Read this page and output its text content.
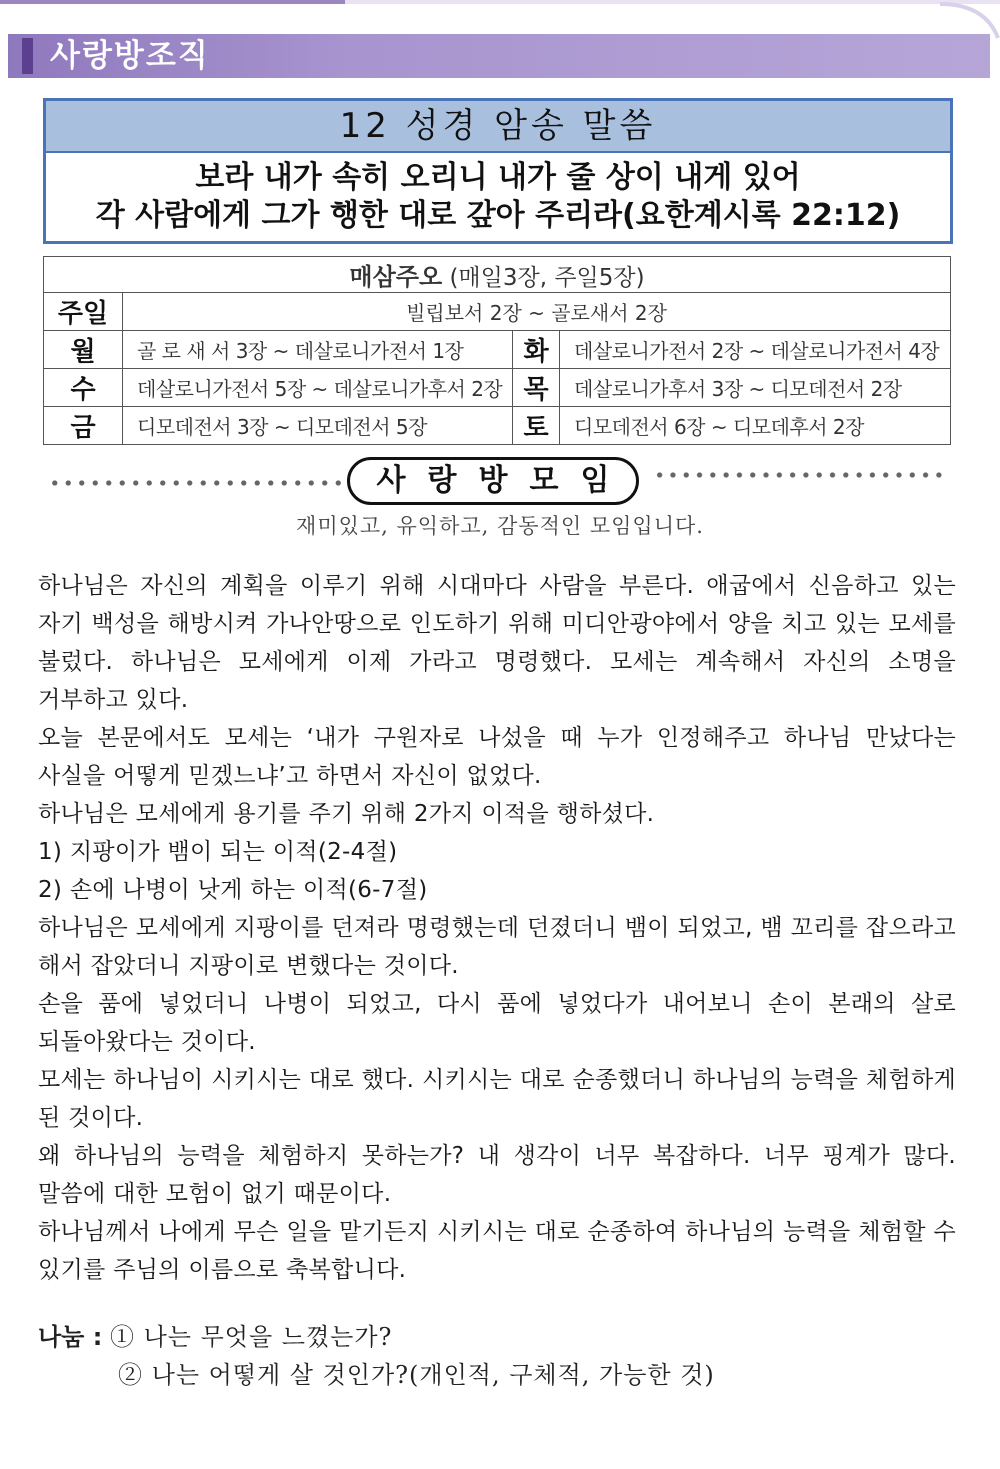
사랑방조직
12 성경 암송 말씀
보라 내가 속히 오리니 내가 줄 상이 내게 있어
각 사람에게 그가 행한 대로 갚아 주리라(요한계시록 22:12)
매삼주오 (매일3장, 주일5장)			
주일	빌립보서 2장 ~ 골로새서 2장		
월	골 로 새 서 3장 ~ 데살로니가전서 1장	화	데살로니가전서 2장 ~ 데살로니가전서 4장
수	데살로니가전서 5장 ~ 데살로니가후서 2장	목	데살로니가후서 3장 ~ 디모데전서 2장
금	디모데전서 3장 ~ 디모데전서 5장	토	디모데전서 6장 ~ 디모데후서 2장
사랑방모임
재미있고, 유익하고, 감동적인 모임입니다.

하나님은 자신의 계획을 이루기 위해 시대마다 사람을 부른다. 애굽에서 신음하고 있는 자기 백성을 해방시켜 가나안땅으로 인도하기 위해 미디안광야에서 양을 치고 있는 모세를 불렀다. 하나님은 모세에게 이제 가라고 명령했다. 모세는 계속해서 자신의 소명을 거부하고 있다.

오늘 본문에서도 모세는 ‘내가 구원자로 나섰을 때 누가 인정해주고 하나님 만났다는 사실을 어떻게 믿겠느냐’고 하면서 자신이 없었다.

하나님은 모세에게 용기를 주기 위해 2가지 이적을 행하셨다.

1) 지팡이가 뱀이 되는 이적(2-4절)

2) 손에 나병이 낫게 하는 이적(6-7절)

하나님은 모세에게 지팡이를 던져라 명령했는데 던졌더니 뱀이 되었고, 뱀 꼬리를 잡으라고 해서 잡았더니 지팡이로 변했다는 것이다.

손을 품에 넣었더니 나병이 되었고, 다시 품에 넣었다가 내어보니 손이 본래의 살로 되돌아왔다는 것이다.

모세는 하나님이 시키시는 대로 했다. 시키시는 대로 순종했더니 하나님의 능력을 체험하게 된 것이다.

왜 하나님의 능력을 체험하지 못하는가? 내 생각이 너무 복잡하다. 너무 핑계가 많다. 말씀에 대한 모험이 없기 때문이다.

하나님께서 나에게 무슨 일을 맡기든지 시키시는 대로 순종하여 하나님의 능력을 체험할 수 있기를 주님의 이름으로 축복합니다.

나눔 : ① 나는 무엇을 느꼈는가?
② 나는 어떻게 살 것인가?(개인적, 구체적, 가능한 것)
